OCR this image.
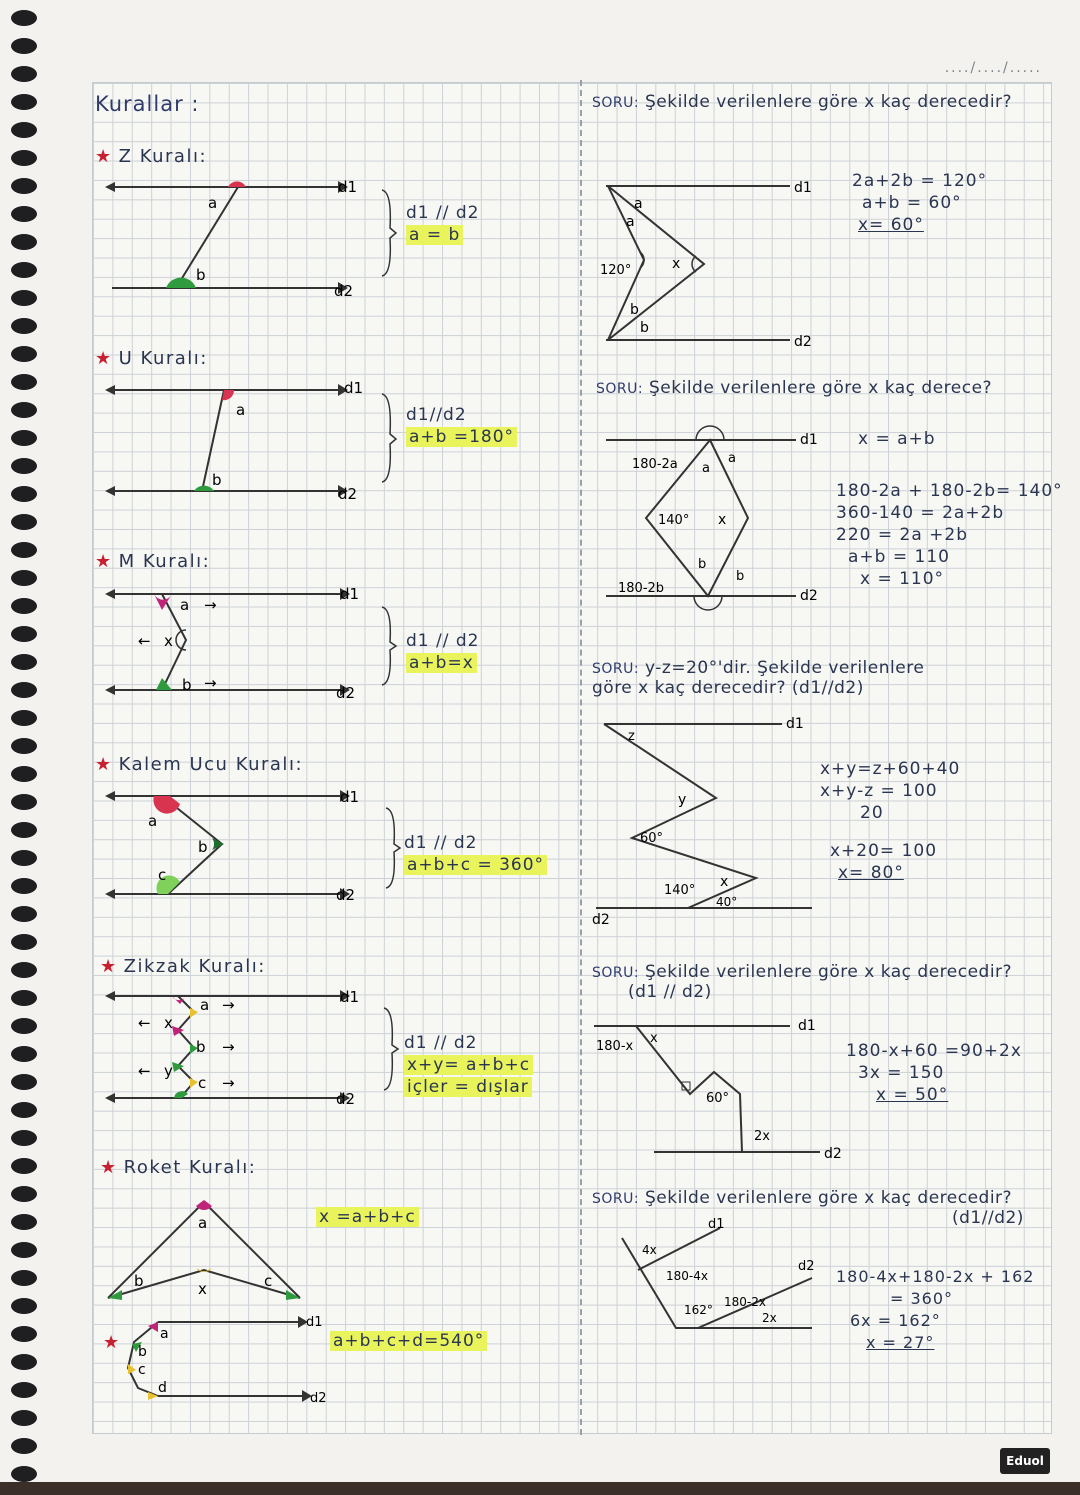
..../..../.....
Kurallar :
★ Z Kuralı:
a
b
d1
d2
d1 // d2
a = b
★ U Kuralı:
a
b
d1
d2
d1//d2
a+b =180°
★ M Kuralı:
a →
x
←
b →
d1
d2
d1 // d2
a+b=x
★ Kalem Ucu Kuralı:
a
b
c
d1
d2
d1 // d2
a+b+c = 360°
★ Zikzak Kuralı:
a →
b →
c →
x
←
y
←
d1
d2
d1 // d2
x+y= a+b+c
içler = dışlar
★ Roket Kuralı:
a
b	c
x
x =a+b+c
★	a
b
c
d
d1
d2
a+b+c+d=540°
SORU: Şekilde verilenlere göre x kaç derecedir?
d1
d2
a
a
120°	x
b
b
2a+2b = 120°
a+b = 60°
x= 60°
SORU: Şekilde verilenlere göre x kaç derece?
d1
d2
180-2a a
a
140° x
b
b
180-2b
x = a+b
180-2a + 180-2b= 140°
360-140 = 2a+2b
220 = 2a +2b
a+b = 110
x = 110°
SORU: y-z=20°'dir. Şekilde verilenlere
göre x kaç derecedir? (d1//d2)
d1
d2
z
y
60°
140°
x
40°
x+y=z+60+40
x+y-z = 100
20
x+20= 100
x= 80°
SORU: Şekilde verilenlere göre x kaç derecedir?
(d1 // d2)
d1
d2
180-x
x
60°
2x
180-x+60 =90+2x
3x = 150
x = 50°
SORU: Şekilde verilenlere göre x kaç derecedir?
(d1//d2)
d1
d2
4x
180-4x
162°
180-2x
2x
180-4x+180-2x + 162
= 360°
6x = 162°
x = 27°
Eduol
